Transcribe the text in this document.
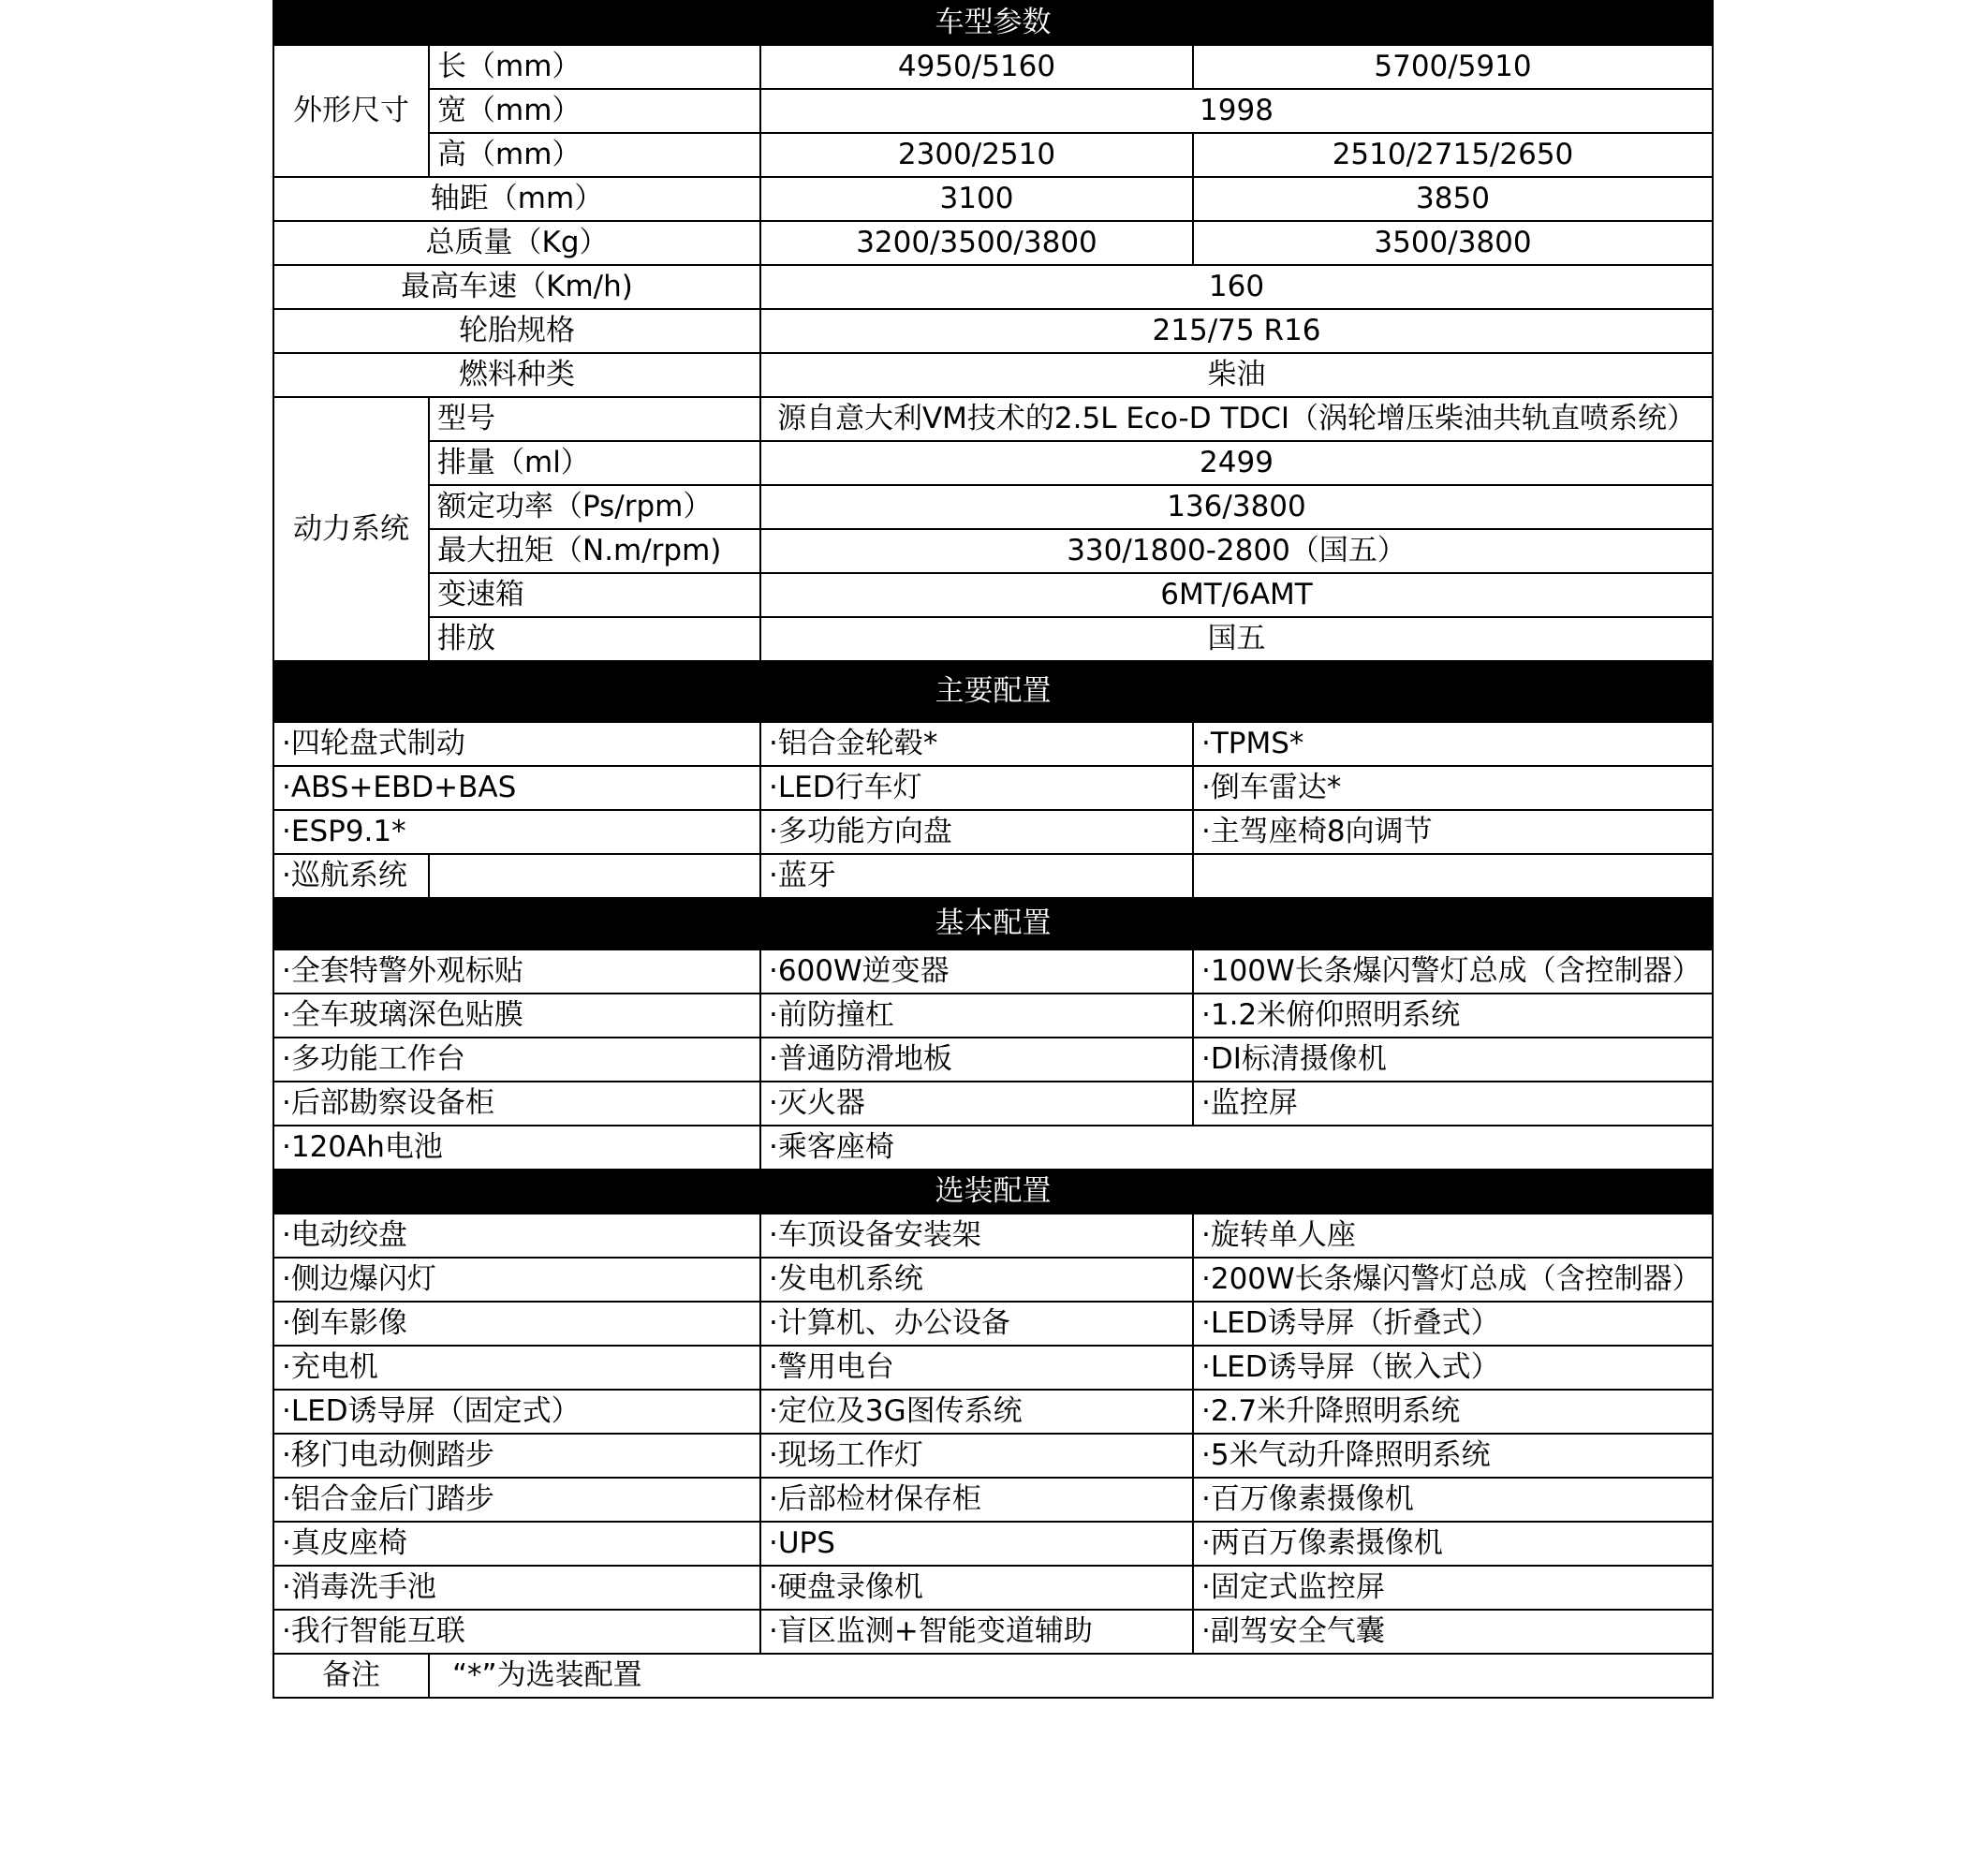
车型参数			
外形尺寸	长（mm）	4950/5160	5700/5910
	宽（mm）	1998	
	高（mm）	2300/2510	2510/2715/2650
轴距（mm）		3100	3850
总质量（Kg）		3200/3500/3800	3500/3800
最高车速（Km/h)		160	
轮胎规格		215/75 R16	
燃料种类		柴油	
动力系统	型号	源自意大利VM技术的2.5L Eco-D TDCI（涡轮增压柴油共轨直喷系统）	
	排量（ml）	2499	
	额定功率（Ps/rpm）	136/3800	
	最大扭矩（N.m/rpm)	330/1800-2800（国五）	
	变速箱	6MT/6AMT	
	排放	国五	
主要配置			
·四轮盘式制动		·铝合金轮毂*	·TPMS*
·ABS+EBD+BAS		·LED行车灯	·倒车雷达*
·ESP9.1*		·多功能方向盘	·主驾座椅8向调节
·巡航系统		·蓝牙	
基本配置			
·全套特警外观标贴		·600W逆变器	·100W长条爆闪警灯总成（含控制器）
·全车玻璃深色贴膜		·前防撞杠	·1.2米俯仰照明系统
·多功能工作台		·普通防滑地板	·DI标清摄像机
·后部勘察设备柜		·灭火器	·监控屏
·120Ah电池		·乘客座椅	
选装配置			
·电动绞盘		·车顶设备安装架	·旋转单人座
·侧边爆闪灯		·发电机系统	·200W长条爆闪警灯总成（含控制器）
·倒车影像		·计算机、办公设备	·LED诱导屏（折叠式）
·充电机		·警用电台	·LED诱导屏（嵌入式）
·LED诱导屏（固定式）		·定位及3G图传系统	·2.7米升降照明系统
·移门电动侧踏步		·现场工作灯	·5米气动升降照明系统
·铝合金后门踏步		·后部检材保存柜	·百万像素摄像机
·真皮座椅		·UPS	·两百万像素摄像机
·消毒洗手池		·硬盘录像机	·固定式监控屏
·我行智能互联		·盲区监测+智能变道辅助	·副驾安全气囊
备注	“*”为选装配置		
